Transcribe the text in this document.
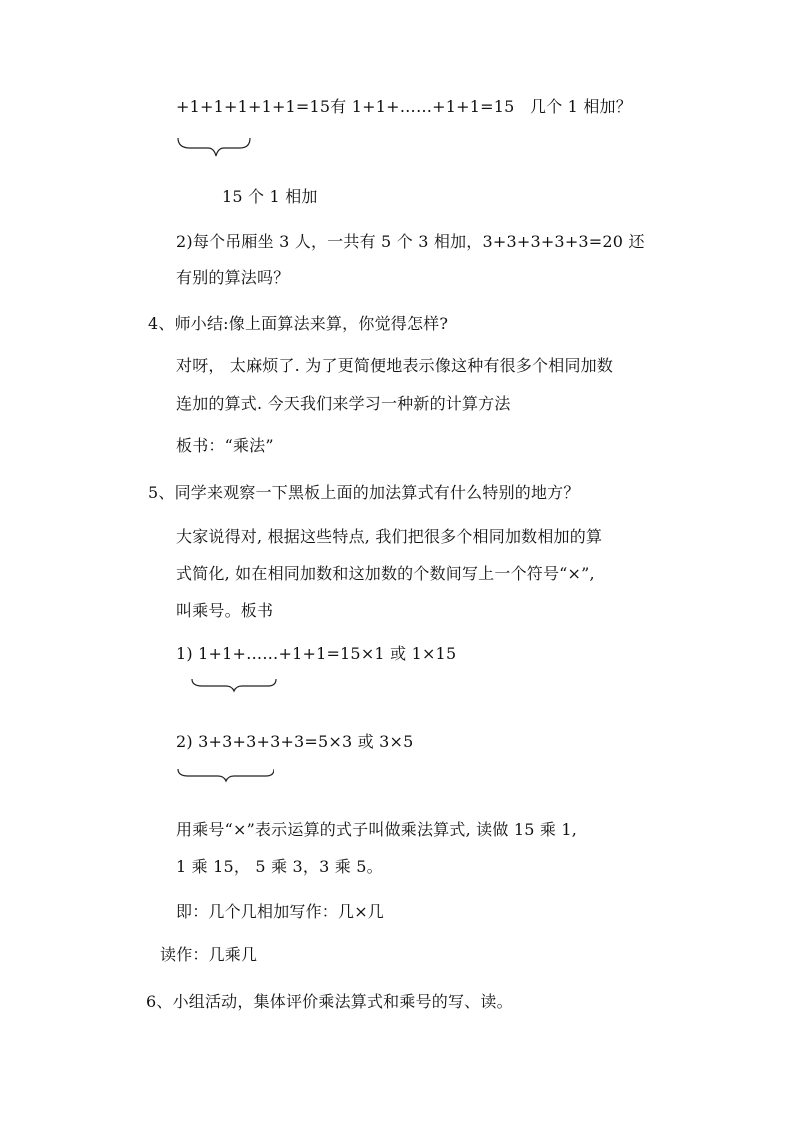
+1+1+1+1+1=15有 1+1+……+1+1=15 几个 1 相加？
15 个 1 相加
2)每个吊厢坐 3 人，一共有 5 个 3 相加，3+3+3+3+3=20 还
有别的算法吗？
4、师小结:像上面算法来算，你觉得怎样?
对呀， 太麻烦了. 为了更简便地表示像这种有很多个相同加数
连加的算式. 今天我们来学习一种新的计算方法
板书：“乘法”
5、同学来观察一下黑板上面的加法算式有什么特别的地方？
大家说得对, 根据这些特点, 我们把很多个相同加数相加的算
式简化, 如在相同加数和这加数的个数间写上一个符号“×”,
叫乘号。板书
1) 1+1+……+1+1=15×1 或 1×15
2) 3+3+3+3+3=5×3 或 3×5
用乘号“×”表示运算的式子叫做乘法算式, 读做 15 乘 1,
1 乘 15， 5 乘 3，3 乘 5。
即：几个几相加写作：几×几
读作：几乘几
6、小组活动，集体评价乘法算式和乘号的写、读。
